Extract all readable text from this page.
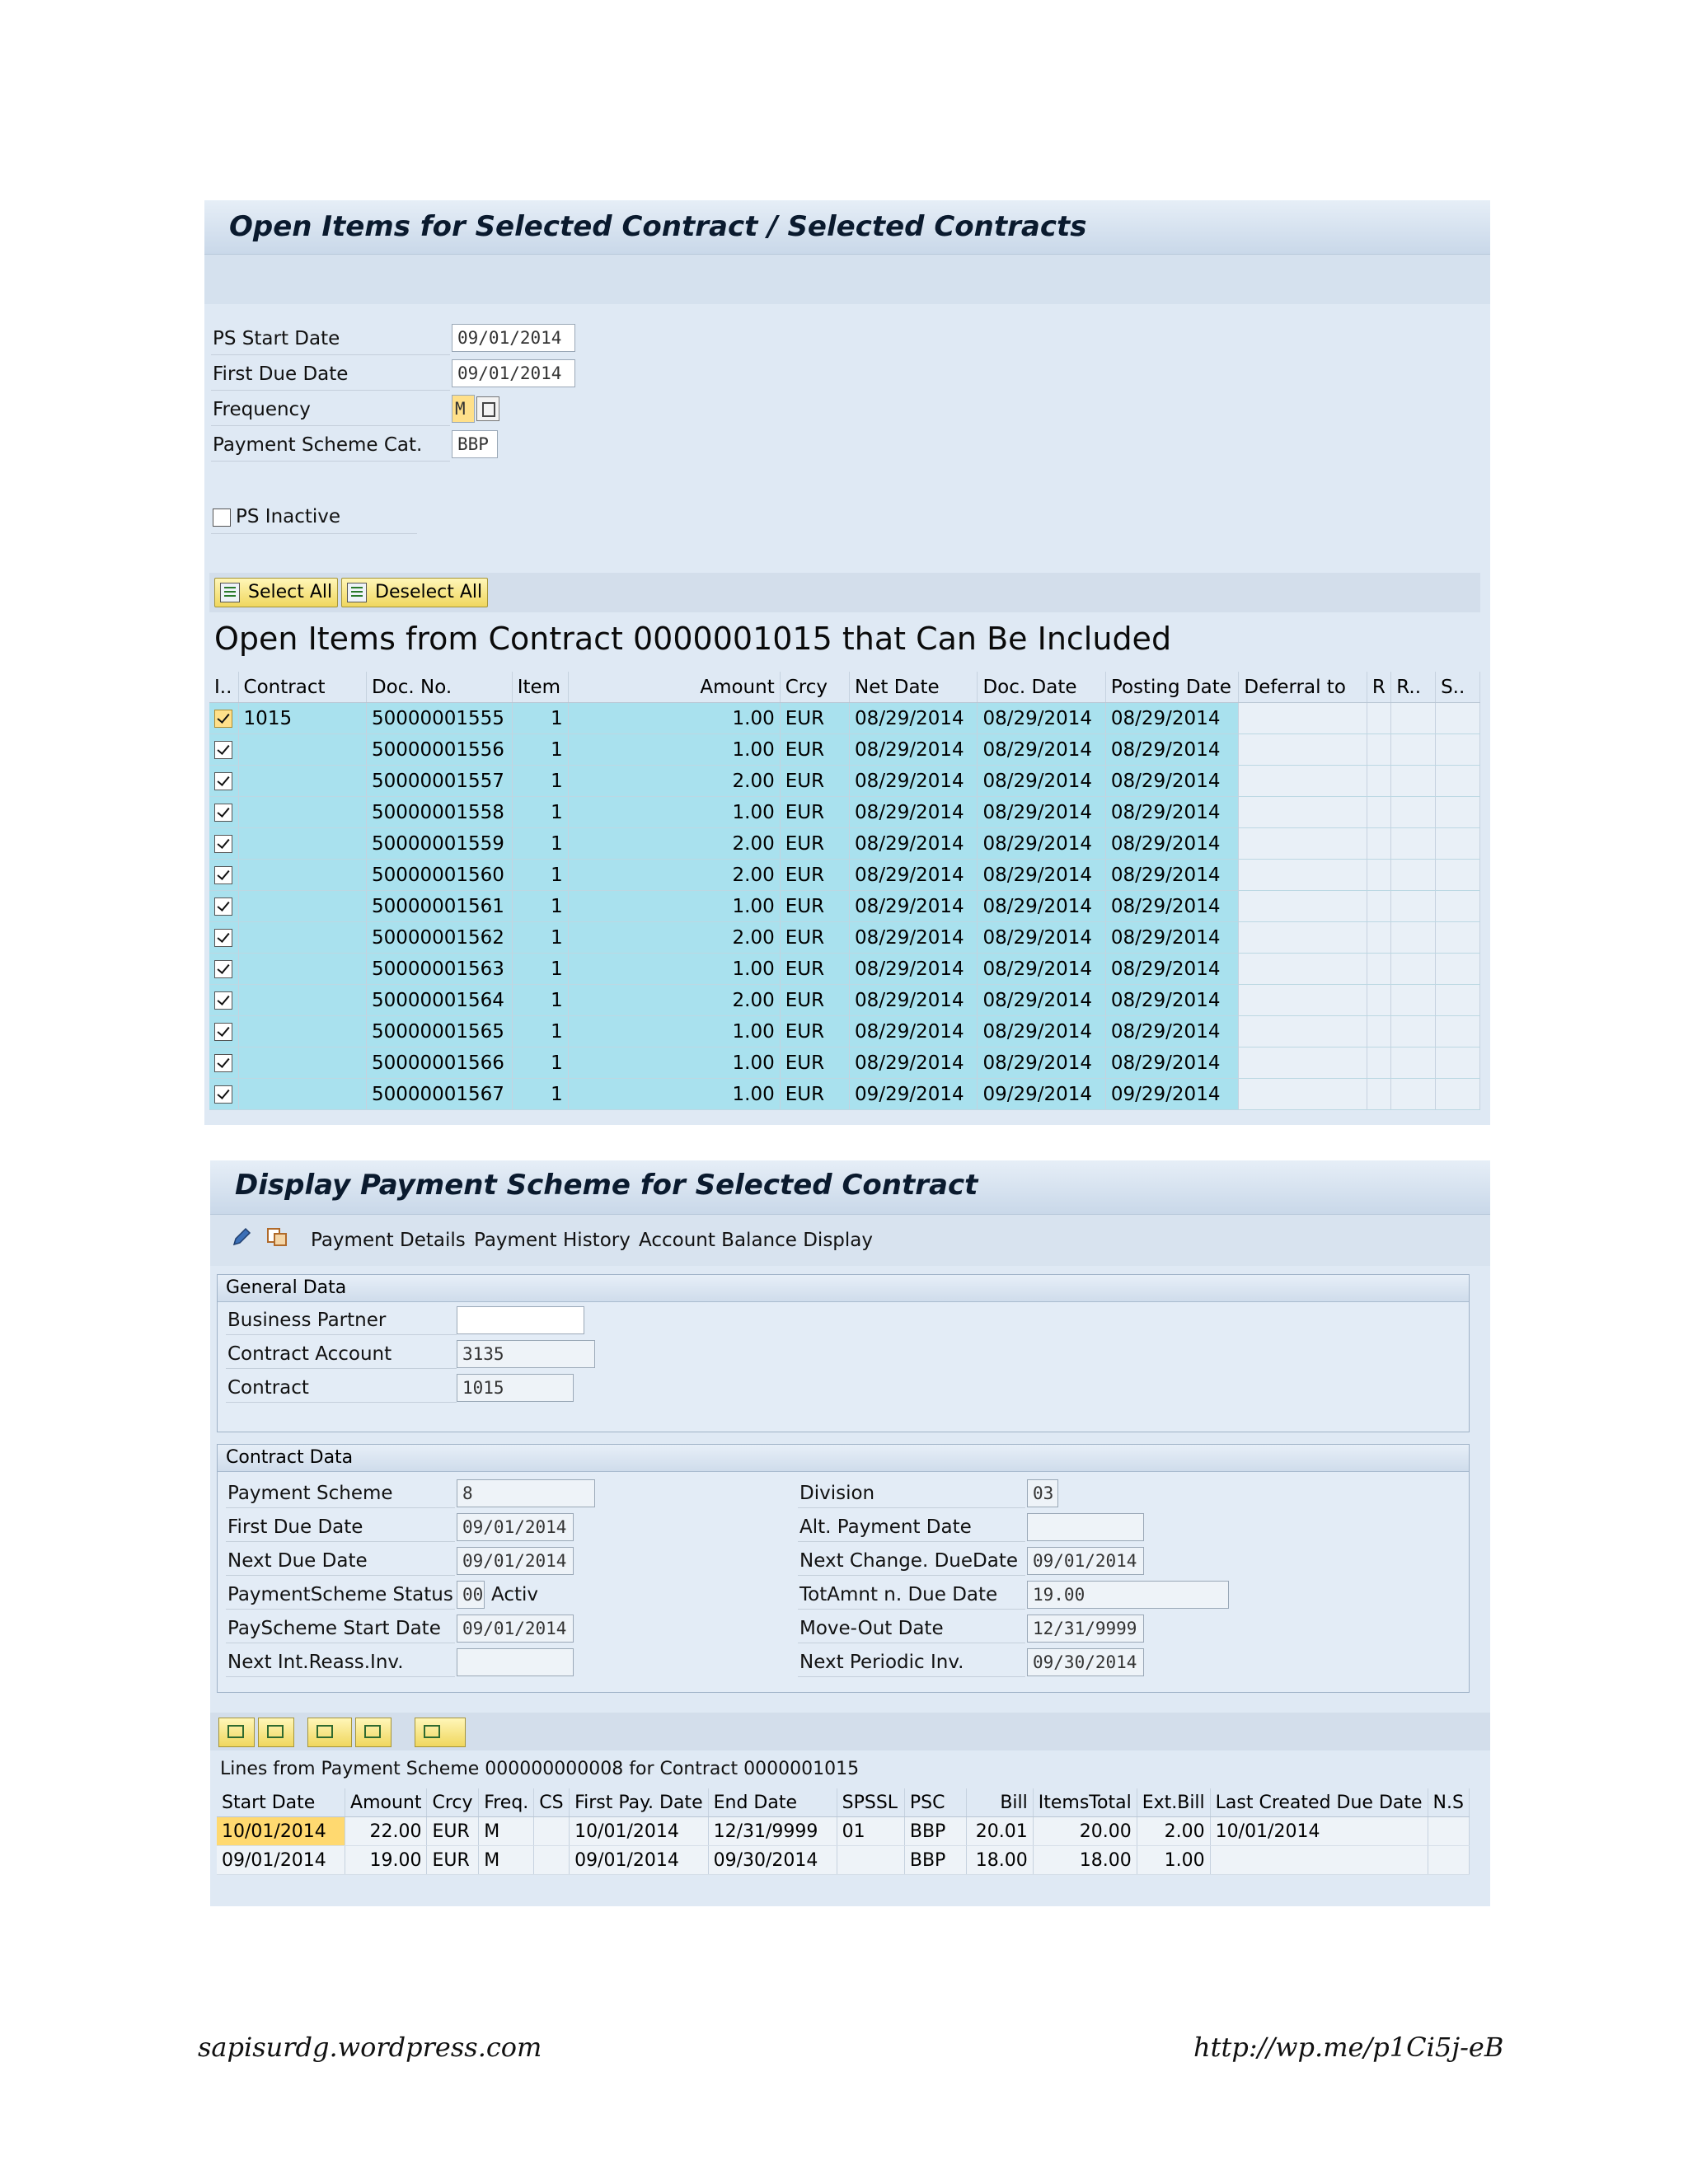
Open Items for Selected Contract / Selected Contracts
PS Start Date	09/01/2014
First Due Date	09/01/2014
Frequency	M
Payment Scheme Cat.	BBP
PS Inactive
Select All	Deselect All
Open Items from Contract 0000001015 that Can Be Included
I..	Contract	Doc. No.	Item	Amount	Crcy	Net Date	Doc. Date	Posting Date	Deferral to	R	R..	S..
	1015	50000001555	1	1.00	EUR	08/29/2014	08/29/2014	08/29/2014				
		50000001556	1	1.00	EUR	08/29/2014	08/29/2014	08/29/2014				
		50000001557	1	2.00	EUR	08/29/2014	08/29/2014	08/29/2014				
		50000001558	1	1.00	EUR	08/29/2014	08/29/2014	08/29/2014				
		50000001559	1	2.00	EUR	08/29/2014	08/29/2014	08/29/2014				
		50000001560	1	2.00	EUR	08/29/2014	08/29/2014	08/29/2014				
		50000001561	1	1.00	EUR	08/29/2014	08/29/2014	08/29/2014				
		50000001562	1	2.00	EUR	08/29/2014	08/29/2014	08/29/2014				
		50000001563	1	1.00	EUR	08/29/2014	08/29/2014	08/29/2014				
		50000001564	1	2.00	EUR	08/29/2014	08/29/2014	08/29/2014				
		50000001565	1	1.00	EUR	08/29/2014	08/29/2014	08/29/2014				
		50000001566	1	1.00	EUR	08/29/2014	08/29/2014	08/29/2014				
		50000001567	1	1.00	EUR	09/29/2014	09/29/2014	09/29/2014				
Display Payment Scheme for Selected Contract
Payment Details Payment History Account Balance Display
General Data
Business Partner
Contract Account	3135
Contract	1015
Contract Data
Payment Scheme	8
First Due Date	09/01/2014
Next Due Date	09/01/2014
PaymentScheme Status 00 Activ
PayScheme Start Date	09/01/2014
Next Int.Reass.Inv.
Division	03
Alt. Payment Date
Next Change. DueDate 09/01/2014
TotAmnt n. Due Date	19.00
Move-Out Date	12/31/9999
Next Periodic Inv.	09/30/2014
Lines from Payment Scheme 000000000008 for Contract 0000001015
Start Date	Amount	Crcy	Freq.	CS	First Pay. Date	End Date	SPSSL	PSC	Bill	ItemsTotal	Ext.Bill	Last Created Due Date	N.S
10/01/2014	22.00	EUR	M		10/01/2014	12/31/9999	01	BBP	20.01	20.00	2.00	10/01/2014	
09/01/2014	19.00	EUR	M		09/01/2014	09/30/2014		BBP	18.00	18.00	1.00		
sapisurdg.wordpress.com	http://wp.me/p1Ci5j-eB
